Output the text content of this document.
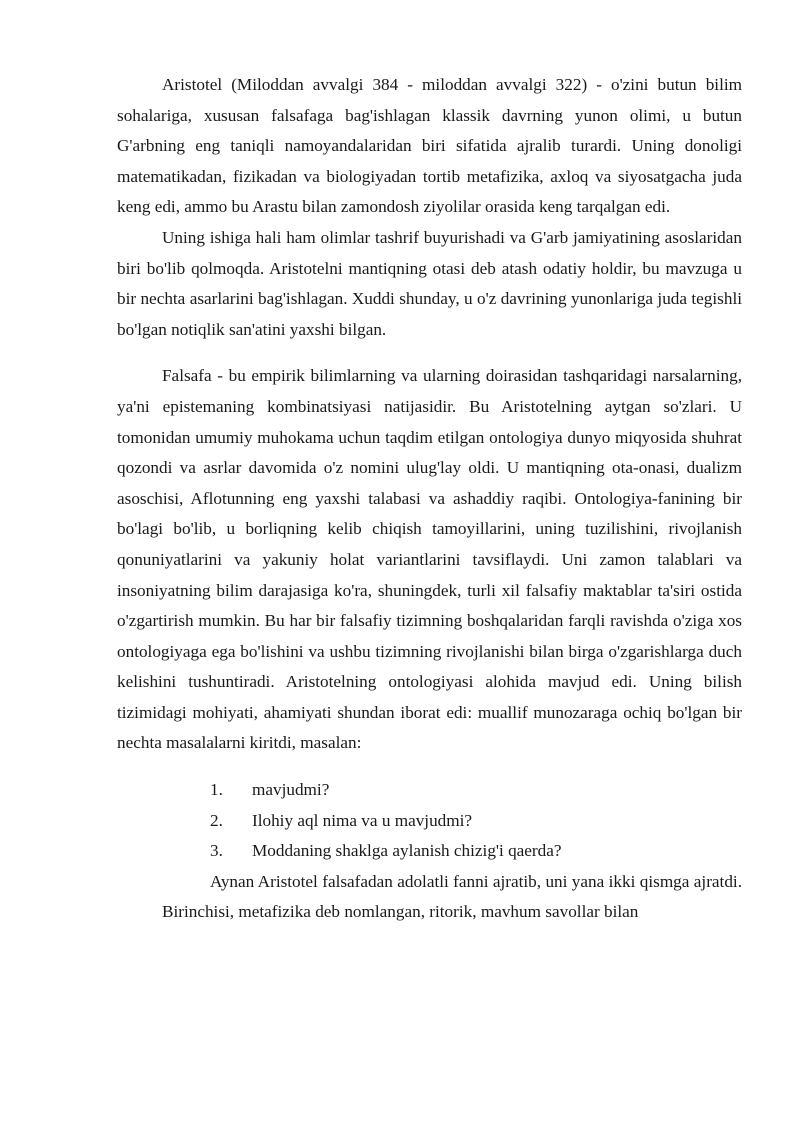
Aristotel (Miloddan avvalgi 384 - miloddan avvalgi 322) - o'zini butun bilim sohalariga, xususan falsafaga bag'ishlagan klassik davrning yunon olimi, u butun G'arbning eng taniqli namoyandalaridan biri sifatida ajralib turardi. Uning donoligi matematikadan, fizikadan va biologiyadan tortib metafizika, axloq va siyosatgacha juda keng edi, ammo bu Arastu bilan zamondosh ziyolilar orasida keng tarqalgan edi.

Uning ishiga hali ham olimlar tashrif buyurishadi va G'arb jamiyatining asoslaridan biri bo'lib qolmoqda. Aristotelni mantiqning otasi deb atash odatiy holdir, bu mavzuga u bir nechta asarlarini bag'ishlagan. Xuddi shunday, u o'z davrining yunonlariga juda tegishli bo'lgan notiqlik san'atini yaxshi bilgan.

Falsafa - bu empirik bilimlarning va ularning doirasidan tashqaridagi narsalarning, ya'ni epistemaning kombinatsiyasi natijasidir. Bu Aristotelning aytgan so'zlari. U tomonidan umumiy muhokama uchun taqdim etilgan ontologiya dunyo miqyosida shuhrat qozondi va asrlar davomida o'z nomini ulug'lay oldi. U mantiqning ota-onasi, dualizm asoschisi, Aflotunning eng yaxshi talabasi va ashaddiy raqibi. Ontologiya-fanining bir bo'lagi bo'lib, u borliqning kelib chiqish tamoyillarini, uning tuzilishini, rivojlanish qonuniyatlarini va yakuniy holat variantlarini tavsiflaydi. Uni zamon talablari va insoniyatning bilim darajasiga ko'ra, shuningdek, turli xil falsafiy maktablar ta'siri ostida o'zgartirish mumkin. Bu har bir falsafiy tizimning boshqalaridan farqli ravishda o'ziga xos ontologiyaga ega bo'lishini va ushbu tizimning rivojlanishi bilan birga o'zgarishlarga duch kelishini tushuntiradi. Aristotelning ontologiyasi alohida mavjud edi. Uning bilish tizimidagi mohiyati, ahamiyati shundan iborat edi: muallif munozaraga ochiq bo'lgan bir nechta masalalarni kiritdi, masalan:

1. mavjudmi?
2. Ilohiy aql nima va u mavjudmi?
3. Moddaning shaklga aylanish chizig'i qaerda?

Aynan Aristotel falsafadan adolatli fanni ajratib, uni yana ikki qismga ajratdi. Birinchisi, metafizika deb nomlangan, ritorik, mavhum savollar bilan
